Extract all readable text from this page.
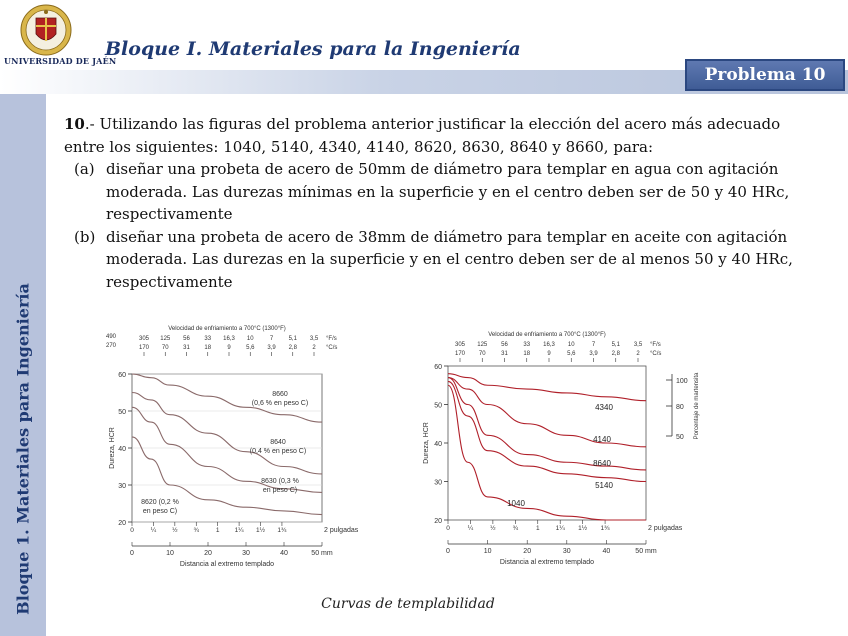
UNIVERSIDAD DE JAÉN
Bloque I. Materiales para la Ingeniería
Problema 10
Bloque 1. Materiales para Ingeniería

10.- Utilizando las figuras del problema anterior justificar la elección del acero más adecuado entre los siguientes: 1040, 5140, 4340, 4140, 8620, 8630, 8640 y 8660, para:

(a) diseñar una probeta de acero de 50mm de diámetro para templar en agua con agitación moderada. Las durezas mínimas en la superficie y en el centro deben ser de 50 y 40 HRc, respectivamente
(b) diseñar una probeta de acero de 38mm de diámetro para templar en aceite con agitación moderada. Las durezas en la superficie y en el centro deben ser de al menos 50 y 40 HRc, respectivamente
20
30
40
50
60
Velocidad de enfriamiento a 700°C (1300°F)
305 125 56 33 16,3 10	7	5,1 3,5
170 70 31 18	9	5,6 3,9 2,8	2
°F/s
°C/s
490
270
Dureza, HCR
0	¼ ½ ¾	1 1¼ 1½ 1¾	2 pulgadas
0	10	20	30	40	50 mm
Distancia al extremo templado
8660
(0,6 % en peso C)
8640
(0,4 % en peso C)
8630 (0,3 %
en peso C)
8620 (0,2 %
en peso C)
20
30
40
50
60
Velocidad de enfriamiento a 700°C (1300°F)
305 125 56	33 16,3 10	7	5,1 3,5
170 70	31	18	9	5,6 3,9 2,8	2
°F/s
°C/s
Dureza, HCR
0	¼	½	¾	1 1¼ 1½ 1¾	2 pulgadas
0	10	20	30	40	50 mm
Distancia al extremo templado
4340
4140
8640
5140
1040
100
80
50 Porcentaje de martensita
Curvas de templabilidad
